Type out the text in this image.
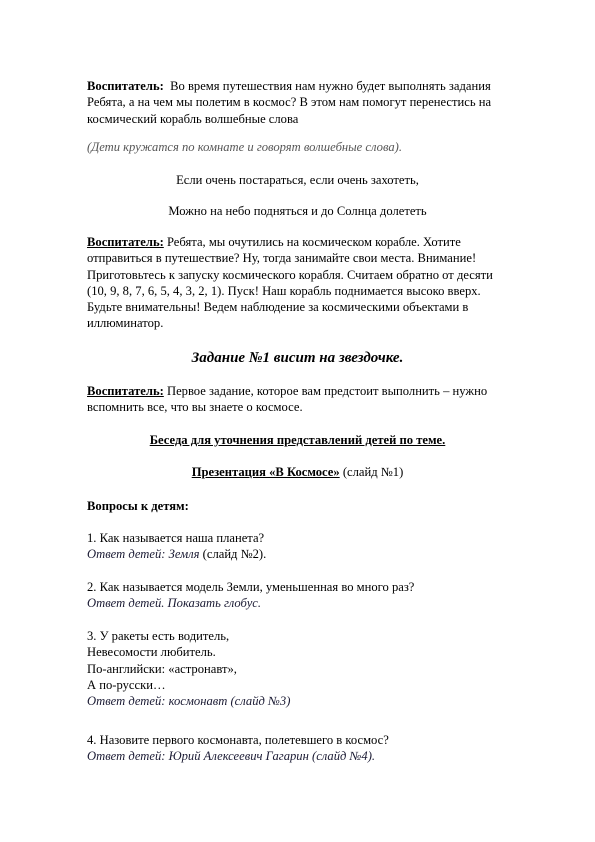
Воспитатель: Во время путешествия нам нужно будет выполнять задания
Ребята, а на чем мы полетим в космос? В этом нам помогут перенестись на
космический корабль волшебные слова
(Дети кружатся по комнате и говорят волшебные слова).
Если очень постараться, если очень захотеть,
Можно на небо подняться и до Солнца долететь
Воспитатель: Ребята, мы очутились на космическом корабле. Хотите
отправиться в путешествие? Ну, тогда занимайте свои места. Внимание!
Приготовьтесь к запуску космического корабля. Считаем обратно от десяти
(10, 9, 8, 7, 6, 5, 4, 3, 2, 1). Пуск! Наш корабль поднимается высоко вверх.
Будьте внимательны! Ведем наблюдение за космическими объектами в
иллюминатор.
Задание №1 висит на звездочке.
Воспитатель: Первое задание, которое вам предстоит выполнить – нужно
вспомнить все, что вы знаете о космосе.
Беседа для уточнения представлений детей по теме.
Презентация «В Космосе» (слайд №1)
Вопросы к детям:
1. Как называется наша планета?
Ответ детей: Земля (слайд №2).
2. Как называется модель Земли, уменьшенная во много раз?
Ответ детей. Показать глобус.
3. У ракеты есть водитель,
Невесомости любитель.
По-английски: «астронавт»,
А по-русски…
Ответ детей: космонавт (слайд №3)
4. Назовите первого космонавта, полетевшего в космос?
Ответ детей: Юрий Алексеевич Гагарин (слайд №4).
